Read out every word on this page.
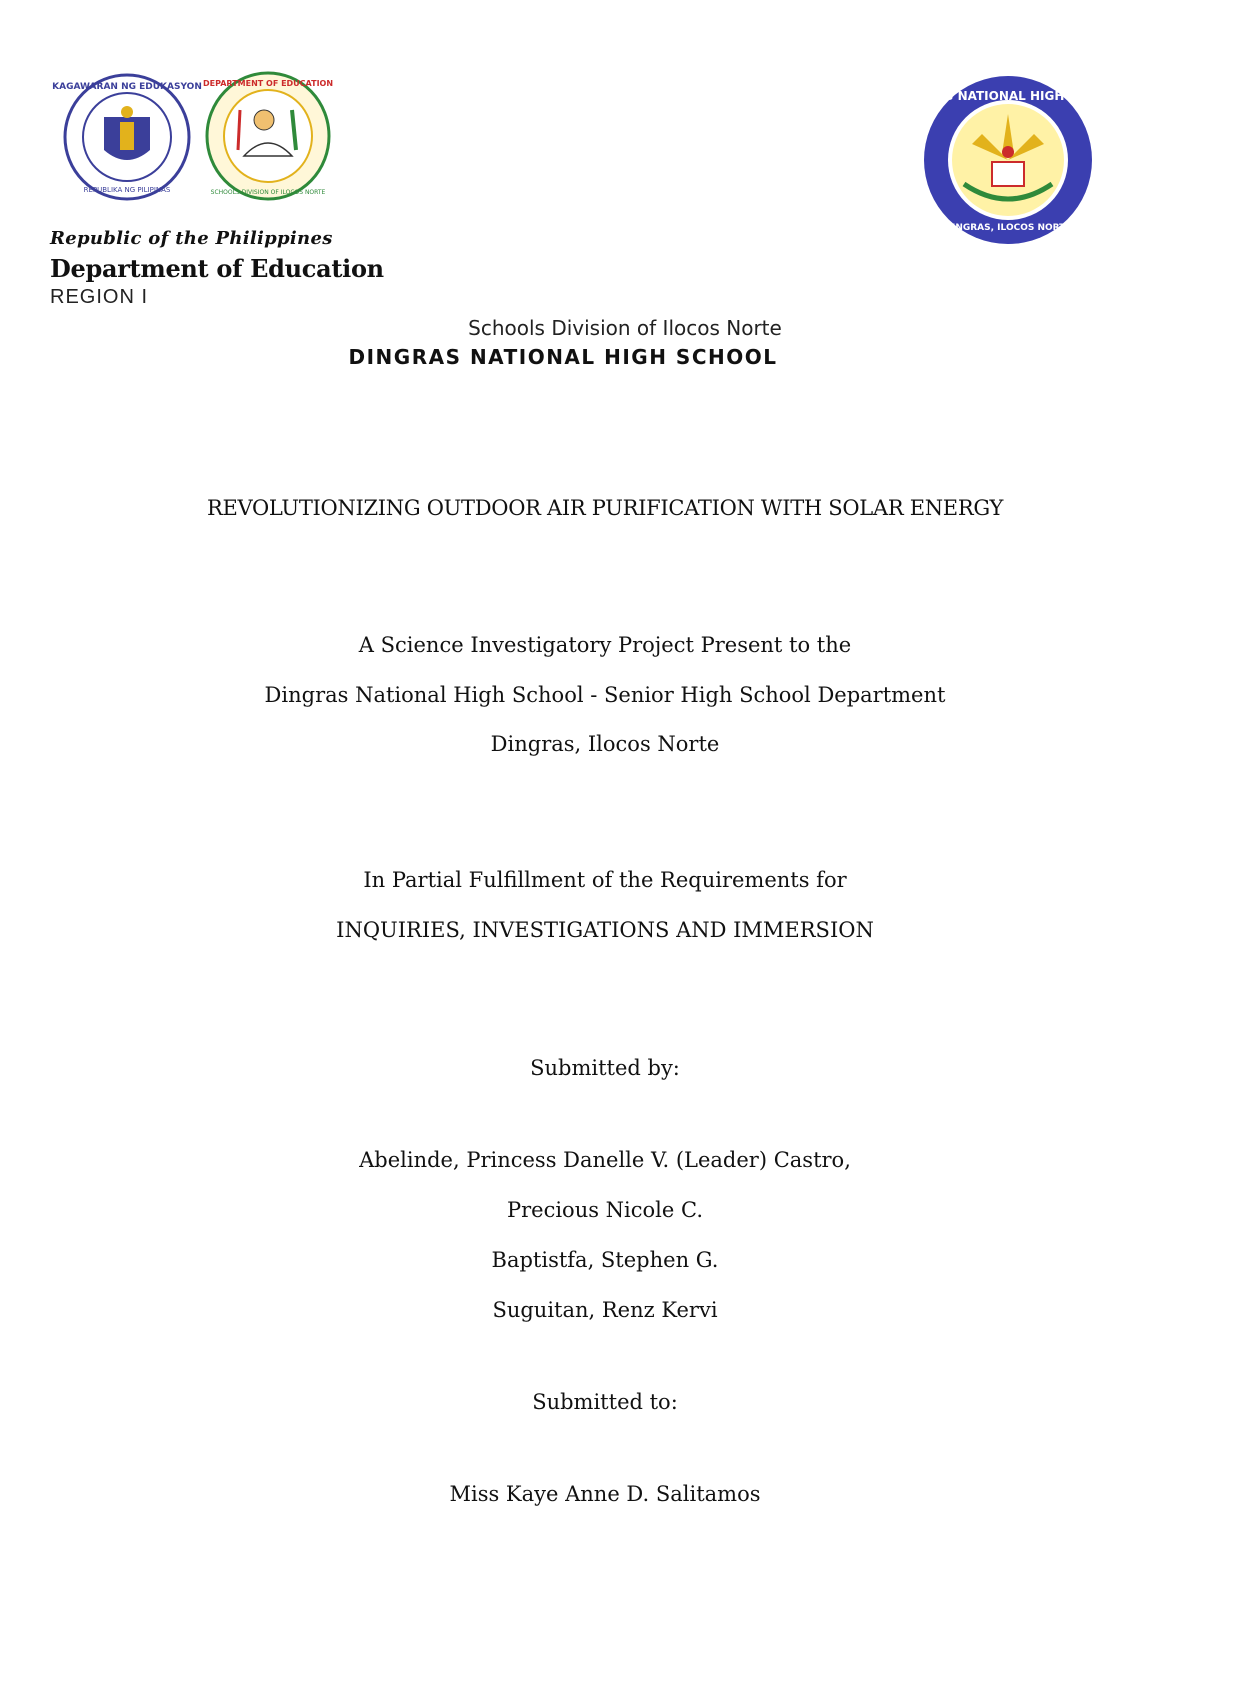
KAGAWARAN NG EDUKASYON
REPUBLIKA NG PILIPINAS
DEPARTMENT OF EDUCATION
SCHOOLS DIVISION OF ILOCOS NORTE
DINGRAS NATIONAL HIGH SCHOOL
DINGRAS, ILOCOS NORTE
Republic of the Philippines
Department of Education
REGION I
Schools Division of Ilocos Norte
DINGRAS NATIONAL HIGH SCHOOL
REVOLUTIONIZING OUTDOOR AIR PURIFICATION WITH SOLAR ENERGY
A Science Investigatory Project Present to the
Dingras National High School - Senior High School Department
Dingras, Ilocos Norte
In Partial Fulfillment of the Requirements for
INQUIRIES, INVESTIGATIONS AND IMMERSION
Submitted by:
Abelinde, Princess Danelle V. (Leader) Castro,
Precious Nicole C.
Baptistfa, Stephen G.
Suguitan, Renz Kervi
Submitted to:
Miss Kaye Anne D. Salitamos
